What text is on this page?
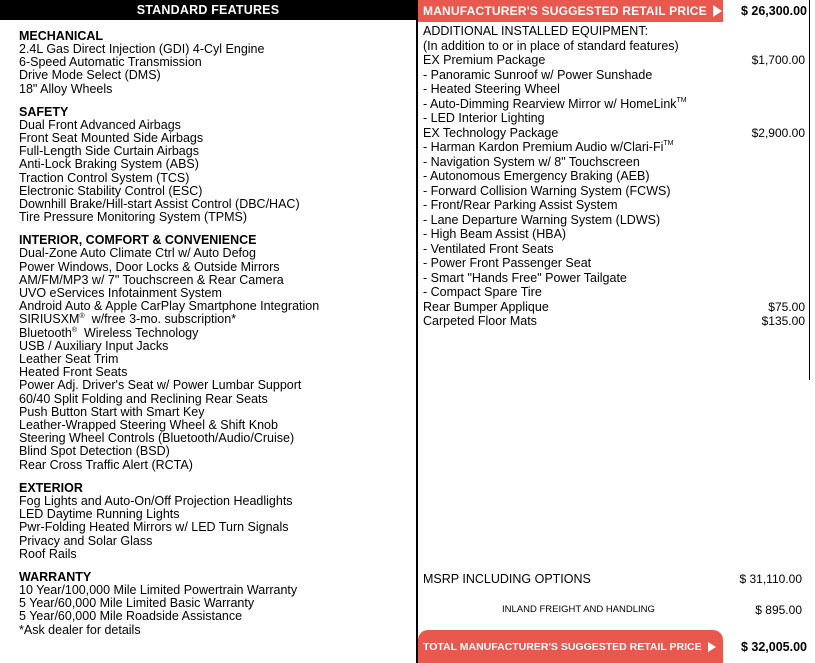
STANDARD FEATURES
MECHANICAL
2.4L Gas Direct Injection (GDI) 4-Cyl Engine
6-Speed Automatic Transmission
Drive Mode Select (DMS)
18" Alloy Wheels
SAFETY
Dual Front Advanced Airbags
Front Seat Mounted Side Airbags
Full-Length Side Curtain Airbags
Anti-Lock Braking System (ABS)
Traction Control System (TCS)
Electronic Stability Control (ESC)
Downhill Brake/Hill-start Assist Control (DBC/HAC)
Tire Pressure Monitoring System (TPMS)
INTERIOR, COMFORT & CONVENIENCE
Dual-Zone Auto Climate Ctrl w/ Auto Defog
Power Windows, Door Locks & Outside Mirrors
AM/FM/MP3 w/ 7" Touchscreen & Rear Camera
UVO eServices Infotainment System
Android Auto & Apple CarPlay Smartphone Integration
SIRIUSXM® w/free 3-mo. subscription*
Bluetooth® Wireless Technology
USB / Auxiliary Input Jacks
Leather Seat Trim
Heated Front Seats
Power Adj. Driver's Seat w/ Power Lumbar Support
60/40 Split Folding and Reclining Rear Seats
Push Button Start with Smart Key
Leather-Wrapped Steering Wheel & Shift Knob
Steering Wheel Controls (Bluetooth/Audio/Cruise)
Blind Spot Detection (BSD)
Rear Cross Traffic Alert (RCTA)
EXTERIOR
Fog Lights and Auto-On/Off Projection Headlights
LED Daytime Running Lights
Pwr-Folding Heated Mirrors w/ LED Turn Signals
Privacy and Solar Glass
Roof Rails
WARRANTY
10 Year/100,000 Mile Limited Powertrain Warranty
5 Year/60,000 Mile Limited Basic Warranty
5 Year/60,000 Mile Roadside Assistance
*Ask dealer for details
MANUFACTURER'S SUGGESTED RETAIL PRICE
ADDITIONAL INSTALLED EQUIPMENT:
(In addition to or in place of standard features)
EX Premium Package
- Panoramic Sunroof w/ Power Sunshade
- Heated Steering Wheel
- Auto-Dimming Rearview Mirror w/ HomeLink™
- LED Interior Lighting
EX Technology Package
- Harman Kardon Premium Audio w/Clari-Fi™
- Navigation System w/ 8" Touchscreen
- Autonomous Emergency Braking (AEB)
- Forward Collision Warning System (FCWS)
- Front/Rear Parking Assist System
- Lane Departure Warning System (LDWS)
- High Beam Assist (HBA)
- Ventilated Front Seats
- Power Front Passenger Seat
- Smart "Hands Free" Power Tailgate
- Compact Spare Tire
Rear Bumper Applique
Carpeted Floor Mats
MSRP INCLUDING OPTIONS
INLAND FREIGHT AND HANDLING
TOTAL MANUFACTURER'S SUGGESTED RETAIL PRICE
$ 26,300.00
$1,700.00
$2,900.00
$75.00
$135.00
$ 31,110.00
$ 895.00
$ 32,005.00
